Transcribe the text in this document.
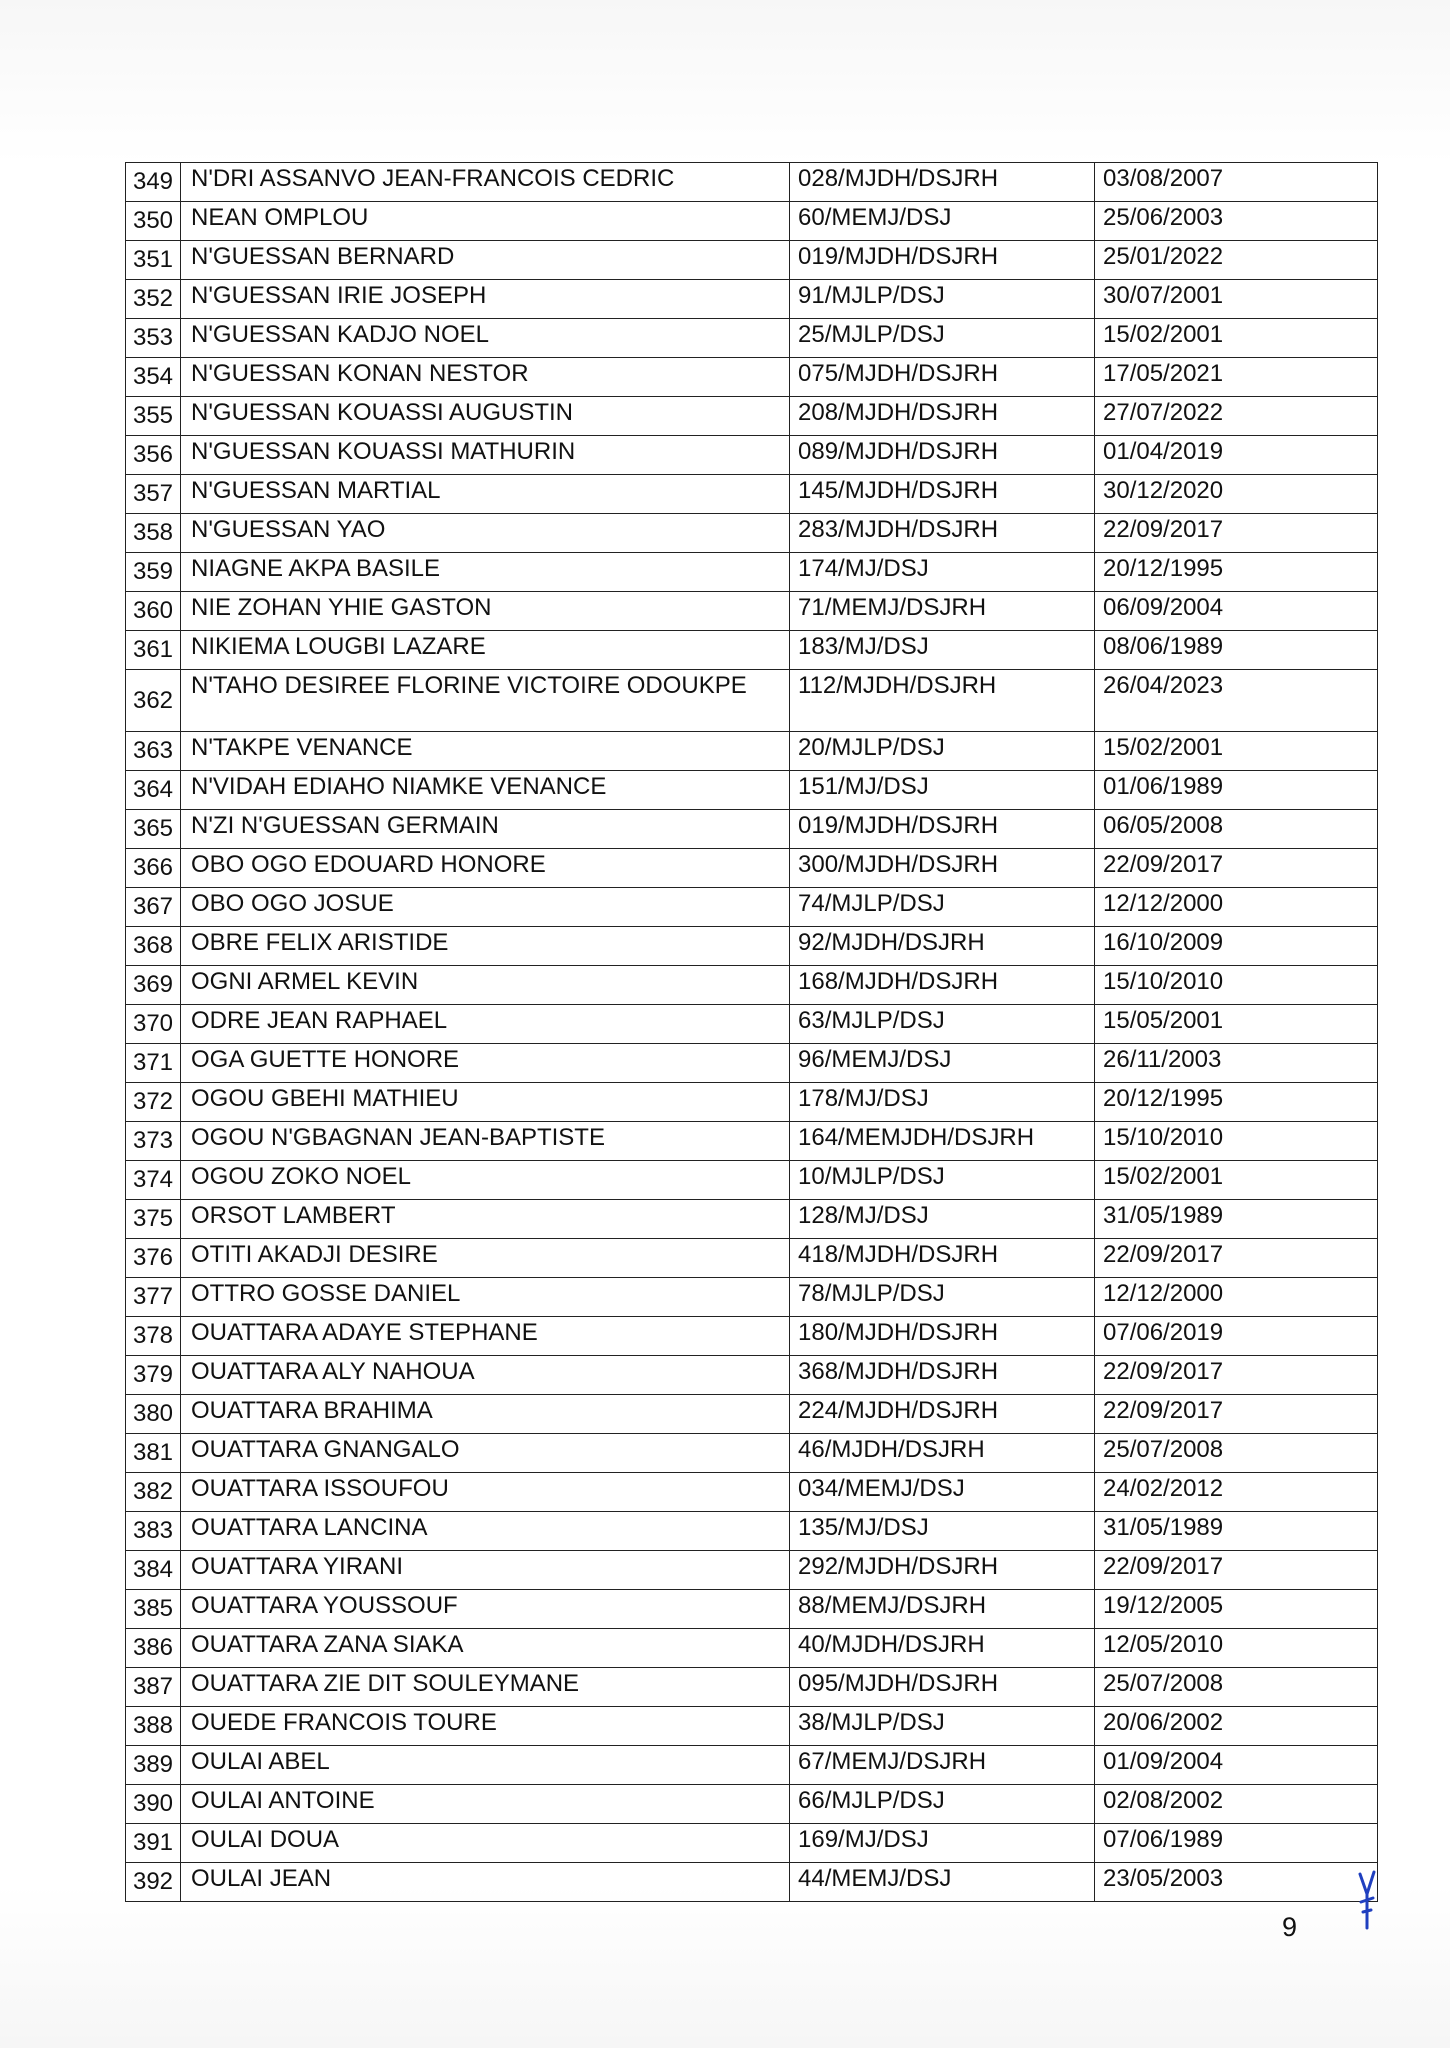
349	N'DRI ASSANVO JEAN-FRANCOIS CEDRIC	028/MJDH/DSJRH	03/08/2007
350	NEAN OMPLOU	60/MEMJ/DSJ	25/06/2003
351	N'GUESSAN BERNARD	019/MJDH/DSJRH	25/01/2022
352	N'GUESSAN IRIE JOSEPH	91/MJLP/DSJ	30/07/2001
353	N'GUESSAN KADJO NOEL	25/MJLP/DSJ	15/02/2001
354	N'GUESSAN KONAN NESTOR	075/MJDH/DSJRH	17/05/2021
355	N'GUESSAN KOUASSI AUGUSTIN	208/MJDH/DSJRH	27/07/2022
356	N'GUESSAN KOUASSI MATHURIN	089/MJDH/DSJRH	01/04/2019
357	N'GUESSAN MARTIAL	145/MJDH/DSJRH	30/12/2020
358	N'GUESSAN YAO	283/MJDH/DSJRH	22/09/2017
359	NIAGNE AKPA BASILE	174/MJ/DSJ	20/12/1995
360	NIE ZOHAN YHIE GASTON	71/MEMJ/DSJRH	06/09/2004
361	NIKIEMA LOUGBI LAZARE	183/MJ/DSJ	08/06/1989
362	N'TAHO DESIREE FLORINE VICTOIRE ODOUKPE	112/MJDH/DSJRH	26/04/2023
363	N'TAKPE VENANCE	20/MJLP/DSJ	15/02/2001
364	N'VIDAH EDIAHO NIAMKE VENANCE	151/MJ/DSJ	01/06/1989
365	N'ZI N'GUESSAN GERMAIN	019/MJDH/DSJRH	06/05/2008
366	OBO OGO EDOUARD HONORE	300/MJDH/DSJRH	22/09/2017
367	OBO OGO JOSUE	74/MJLP/DSJ	12/12/2000
368	OBRE FELIX ARISTIDE	92/MJDH/DSJRH	16/10/2009
369	OGNI ARMEL KEVIN	168/MJDH/DSJRH	15/10/2010
370	ODRE JEAN RAPHAEL	63/MJLP/DSJ	15/05/2001
371	OGA GUETTE HONORE	96/MEMJ/DSJ	26/11/2003
372	OGOU GBEHI MATHIEU	178/MJ/DSJ	20/12/1995
373	OGOU N'GBAGNAN JEAN-BAPTISTE	164/MEMJDH/DSJRH	15/10/2010
374	OGOU ZOKO NOEL	10/MJLP/DSJ	15/02/2001
375	ORSOT LAMBERT	128/MJ/DSJ	31/05/1989
376	OTITI AKADJI DESIRE	418/MJDH/DSJRH	22/09/2017
377	OTTRO GOSSE DANIEL	78/MJLP/DSJ	12/12/2000
378	OUATTARA ADAYE STEPHANE	180/MJDH/DSJRH	07/06/2019
379	OUATTARA ALY NAHOUA	368/MJDH/DSJRH	22/09/2017
380	OUATTARA BRAHIMA	224/MJDH/DSJRH	22/09/2017
381	OUATTARA GNANGALO	46/MJDH/DSJRH	25/07/2008
382	OUATTARA ISSOUFOU	034/MEMJ/DSJ	24/02/2012
383	OUATTARA LANCINA	135/MJ/DSJ	31/05/1989
384	OUATTARA YIRANI	292/MJDH/DSJRH	22/09/2017
385	OUATTARA YOUSSOUF	88/MEMJ/DSJRH	19/12/2005
386	OUATTARA ZANA SIAKA	40/MJDH/DSJRH	12/05/2010
387	OUATTARA ZIE DIT SOULEYMANE	095/MJDH/DSJRH	25/07/2008
388	OUEDE FRANCOIS TOURE	38/MJLP/DSJ	20/06/2002
389	OULAI ABEL	67/MEMJ/DSJRH	01/09/2004
390	OULAI ANTOINE	66/MJLP/DSJ	02/08/2002
391	OULAI DOUA	169/MJ/DSJ	07/06/1989
392	OULAI JEAN	44/MEMJ/DSJ	23/05/2003
9
